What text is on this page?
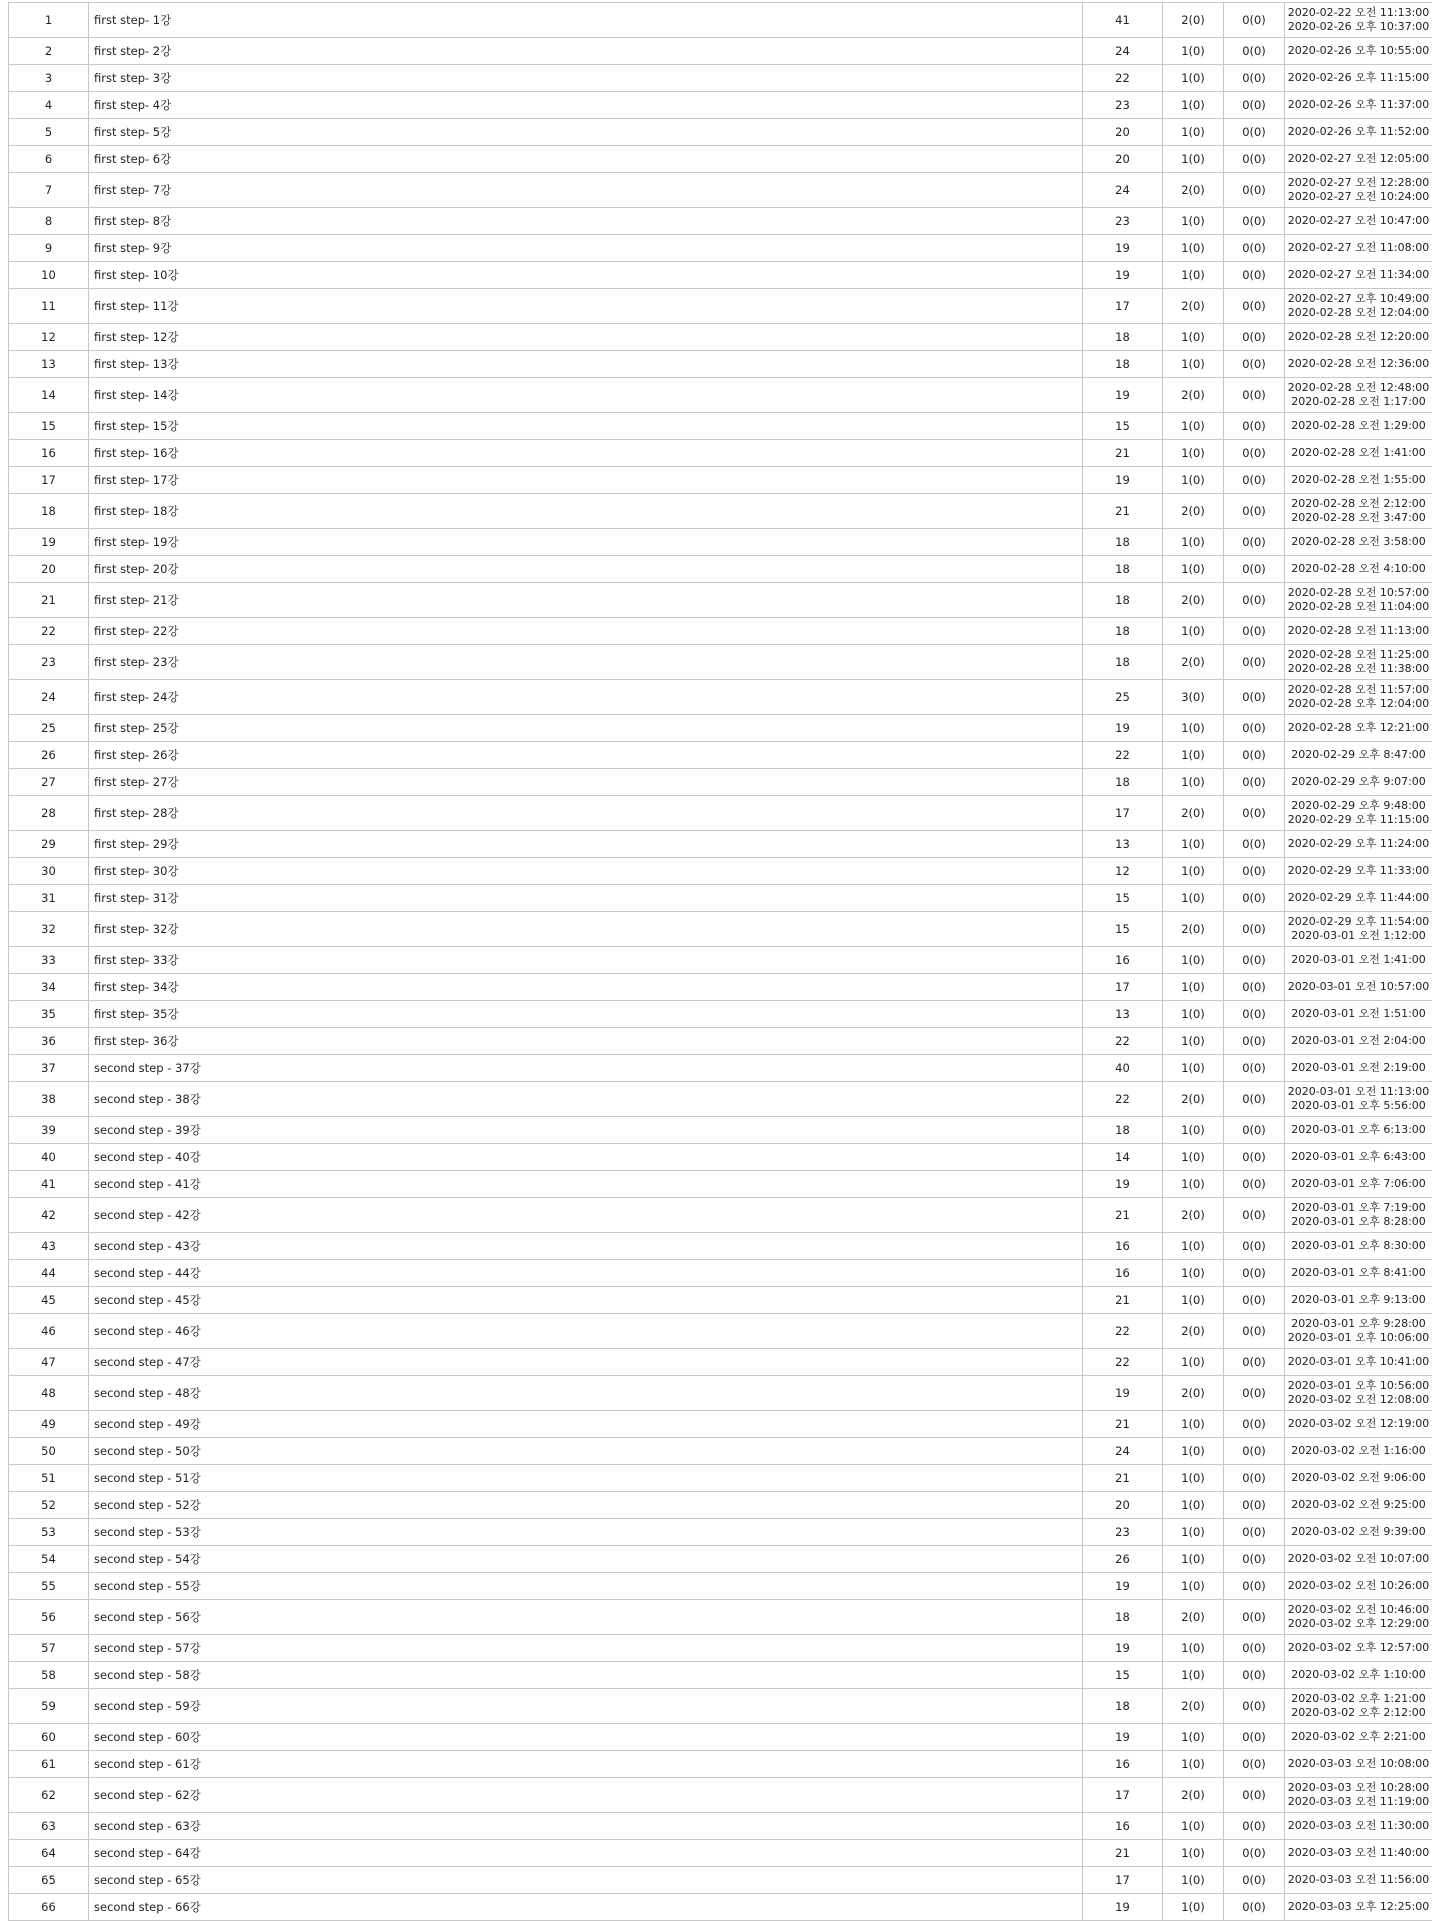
1	first step- 1강	41	2(0)	0(0)	2020-02-22 오전 11:13:00
2020-02-26 오후 10:37:00

2	first step- 2강	24	1(0)	0(0)	2020-02-26 오후 10:55:00

3	first step- 3강	22	1(0)	0(0)	2020-02-26 오후 11:15:00

4	first step- 4강	23	1(0)	0(0)	2020-02-26 오후 11:37:00

5	first step- 5강	20	1(0)	0(0)	2020-02-26 오후 11:52:00

6	first step- 6강	20	1(0)	0(0)	2020-02-27 오전 12:05:00

7	first step- 7강	24	2(0)	0(0)	2020-02-27 오전 12:28:00
2020-02-27 오전 10:24:00

8	first step- 8강	23	1(0)	0(0)	2020-02-27 오전 10:47:00

9	first step- 9강	19	1(0)	0(0)	2020-02-27 오전 11:08:00

10	first step- 10강	19	1(0)	0(0)	2020-02-27 오전 11:34:00

11	first step- 11강	17	2(0)	0(0)	2020-02-27 오후 10:49:00
2020-02-28 오전 12:04:00

12	first step- 12강	18	1(0)	0(0)	2020-02-28 오전 12:20:00

13	first step- 13강	18	1(0)	0(0)	2020-02-28 오전 12:36:00

14	first step- 14강	19	2(0)	0(0)	2020-02-28 오전 12:48:00
2020-02-28 오전 1:17:00

15	first step- 15강	15	1(0)	0(0)	2020-02-28 오전 1:29:00

16	first step- 16강	21	1(0)	0(0)	2020-02-28 오전 1:41:00

17	first step- 17강	19	1(0)	0(0)	2020-02-28 오전 1:55:00

18	first step- 18강	21	2(0)	0(0)	2020-02-28 오전 2:12:00
2020-02-28 오전 3:47:00

19	first step- 19강	18	1(0)	0(0)	2020-02-28 오전 3:58:00

20	first step- 20강	18	1(0)	0(0)	2020-02-28 오전 4:10:00

21	first step- 21강	18	2(0)	0(0)	2020-02-28 오전 10:57:00
2020-02-28 오전 11:04:00

22	first step- 22강	18	1(0)	0(0)	2020-02-28 오전 11:13:00

23	first step- 23강	18	2(0)	0(0)	2020-02-28 오전 11:25:00
2020-02-28 오전 11:38:00

24	first step- 24강	25	3(0)	0(0)	2020-02-28 오전 11:57:00
2020-02-28 오후 12:04:00

25	first step- 25강	19	1(0)	0(0)	2020-02-28 오후 12:21:00

26	first step- 26강	22	1(0)	0(0)	2020-02-29 오후 8:47:00

27	first step- 27강	18	1(0)	0(0)	2020-02-29 오후 9:07:00

28	first step- 28강	17	2(0)	0(0)	2020-02-29 오후 9:48:00
2020-02-29 오후 11:15:00

29	first step- 29강	13	1(0)	0(0)	2020-02-29 오후 11:24:00

30	first step- 30강	12	1(0)	0(0)	2020-02-29 오후 11:33:00

31	first step- 31강	15	1(0)	0(0)	2020-02-29 오후 11:44:00

32	first step- 32강	15	2(0)	0(0)	2020-02-29 오후 11:54:00
2020-03-01 오전 1:12:00

33	first step- 33강	16	1(0)	0(0)	2020-03-01 오전 1:41:00

34	first step- 34강	17	1(0)	0(0)	2020-03-01 오전 10:57:00

35	first step- 35강	13	1(0)	0(0)	2020-03-01 오전 1:51:00

36	first step- 36강	22	1(0)	0(0)	2020-03-01 오전 2:04:00

37	second step - 37강	40	1(0)	0(0)	2020-03-01 오전 2:19:00

38	second step - 38강	22	2(0)	0(0)	2020-03-01 오전 11:13:00
2020-03-01 오후 5:56:00

39	second step - 39강	18	1(0)	0(0)	2020-03-01 오후 6:13:00

40	second step - 40강	14	1(0)	0(0)	2020-03-01 오후 6:43:00

41	second step - 41강	19	1(0)	0(0)	2020-03-01 오후 7:06:00

42	second step - 42강	21	2(0)	0(0)	2020-03-01 오후 7:19:00
2020-03-01 오후 8:28:00

43	second step - 43강	16	1(0)	0(0)	2020-03-01 오후 8:30:00

44	second step - 44강	16	1(0)	0(0)	2020-03-01 오후 8:41:00

45	second step - 45강	21	1(0)	0(0)	2020-03-01 오후 9:13:00

46	second step - 46강	22	2(0)	0(0)	2020-03-01 오후 9:28:00
2020-03-01 오후 10:06:00

47	second step - 47강	22	1(0)	0(0)	2020-03-01 오후 10:41:00

48	second step - 48강	19	2(0)	0(0)	2020-03-01 오후 10:56:00
2020-03-02 오전 12:08:00

49	second step - 49강	21	1(0)	0(0)	2020-03-02 오전 12:19:00

50	second step - 50강	24	1(0)	0(0)	2020-03-02 오전 1:16:00

51	second step - 51강	21	1(0)	0(0)	2020-03-02 오전 9:06:00

52	second step - 52강	20	1(0)	0(0)	2020-03-02 오전 9:25:00

53	second step - 53강	23	1(0)	0(0)	2020-03-02 오전 9:39:00

54	second step - 54강	26	1(0)	0(0)	2020-03-02 오전 10:07:00

55	second step - 55강	19	1(0)	0(0)	2020-03-02 오전 10:26:00

56	second step - 56강	18	2(0)	0(0)	2020-03-02 오전 10:46:00
2020-03-02 오후 12:29:00

57	second step - 57강	19	1(0)	0(0)	2020-03-02 오후 12:57:00

58	second step - 58강	15	1(0)	0(0)	2020-03-02 오후 1:10:00

59	second step - 59강	18	2(0)	0(0)	2020-03-02 오후 1:21:00
2020-03-02 오후 2:12:00

60	second step - 60강	19	1(0)	0(0)	2020-03-02 오후 2:21:00

61	second step - 61강	16	1(0)	0(0)	2020-03-03 오전 10:08:00

62	second step - 62강	17	2(0)	0(0)	2020-03-03 오전 10:28:00
2020-03-03 오전 11:19:00

63	second step - 63강	16	1(0)	0(0)	2020-03-03 오전 11:30:00

64	second step - 64강	21	1(0)	0(0)	2020-03-03 오전 11:40:00

65	second step - 65강	17	1(0)	0(0)	2020-03-03 오전 11:56:00

66	second step - 66강	19	1(0)	0(0)	2020-03-03 오후 12:25:00
